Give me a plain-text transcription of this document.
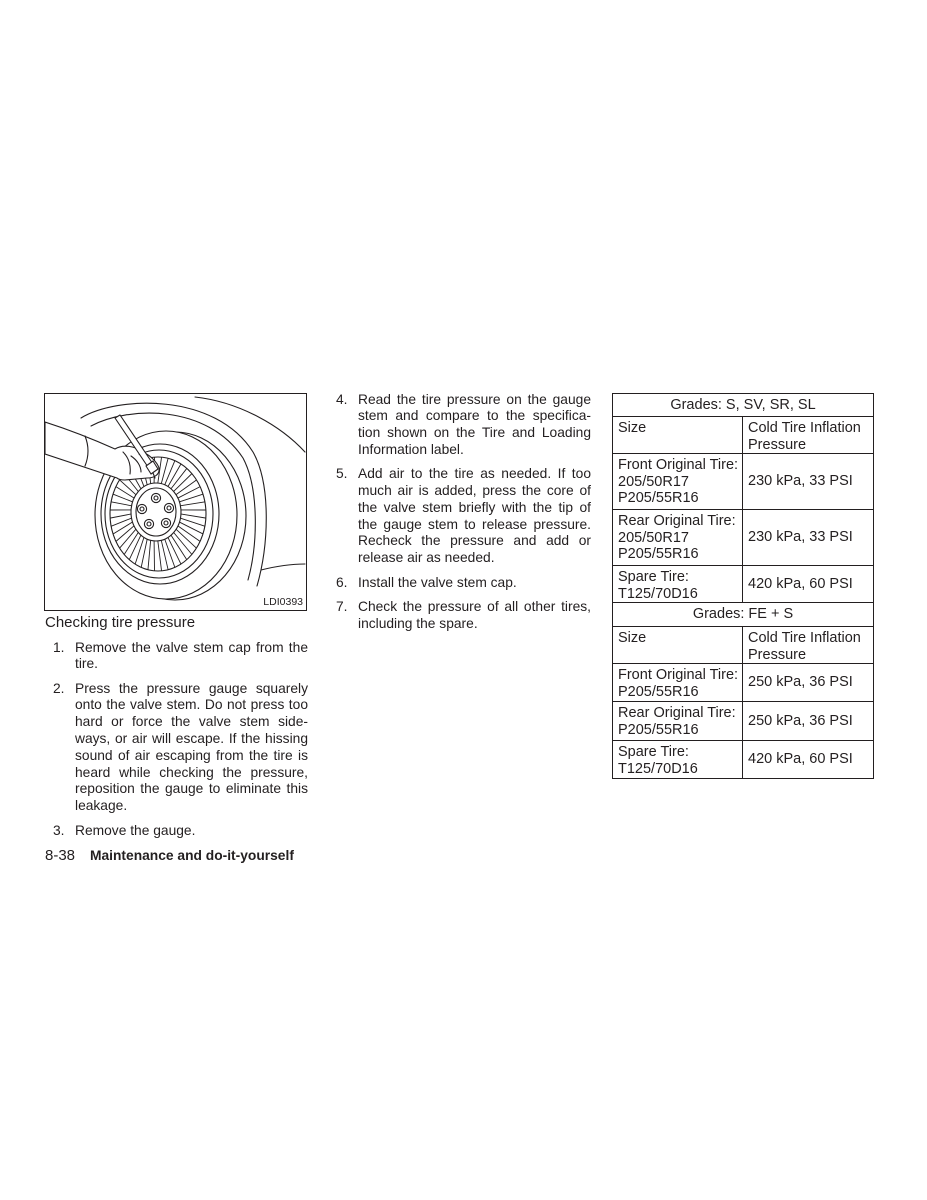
LDI0393
Checking tire pressure
1. Remove the valve stem cap from the
tire.
2. Press the pressure gauge squarely
onto the valve stem. Do not press too
hard or force the valve stem side-
ways, or air will escape. If the hissing
sound of air escaping from the tire is
heard while checking the pressure,
reposition the gauge to eliminate this
leakage.
3. Remove the gauge.
4. Read the tire pressure on the gauge
stem and compare to the specifica-
tion shown on the Tire and Loading
Information label.
5. Add air to the tire as needed. If too
much air is added, press the core of
the valve stem briefly with the tip of
the gauge stem to release pressure.
Recheck the pressure and add or
release air as needed.
6. Install the valve stem cap.
7. Check the pressure of all other tires,
including the spare.
Grades: S, SV, SR, SL	

Size	Cold Tire Inflation
Pressure

Front Original Tire:
205/50R17
P205/55R16	230 kPa, 33 PSI

Rear Original Tire:
205/50R17
P205/55R16	230 kPa, 33 PSI

Spare Tire:
T125/70D16	420 kPa, 60 PSI

Grades: FE + S	

Size	Cold Tire Inflation
Pressure

Front Original Tire:
P205/55R16	250 kPa, 36 PSI

Rear Original Tire:
P205/55R16	250 kPa, 36 PSI

Spare Tire:
T125/70D16	420 kPa, 60 PSI
8-38 Maintenance and do-it-yourself
